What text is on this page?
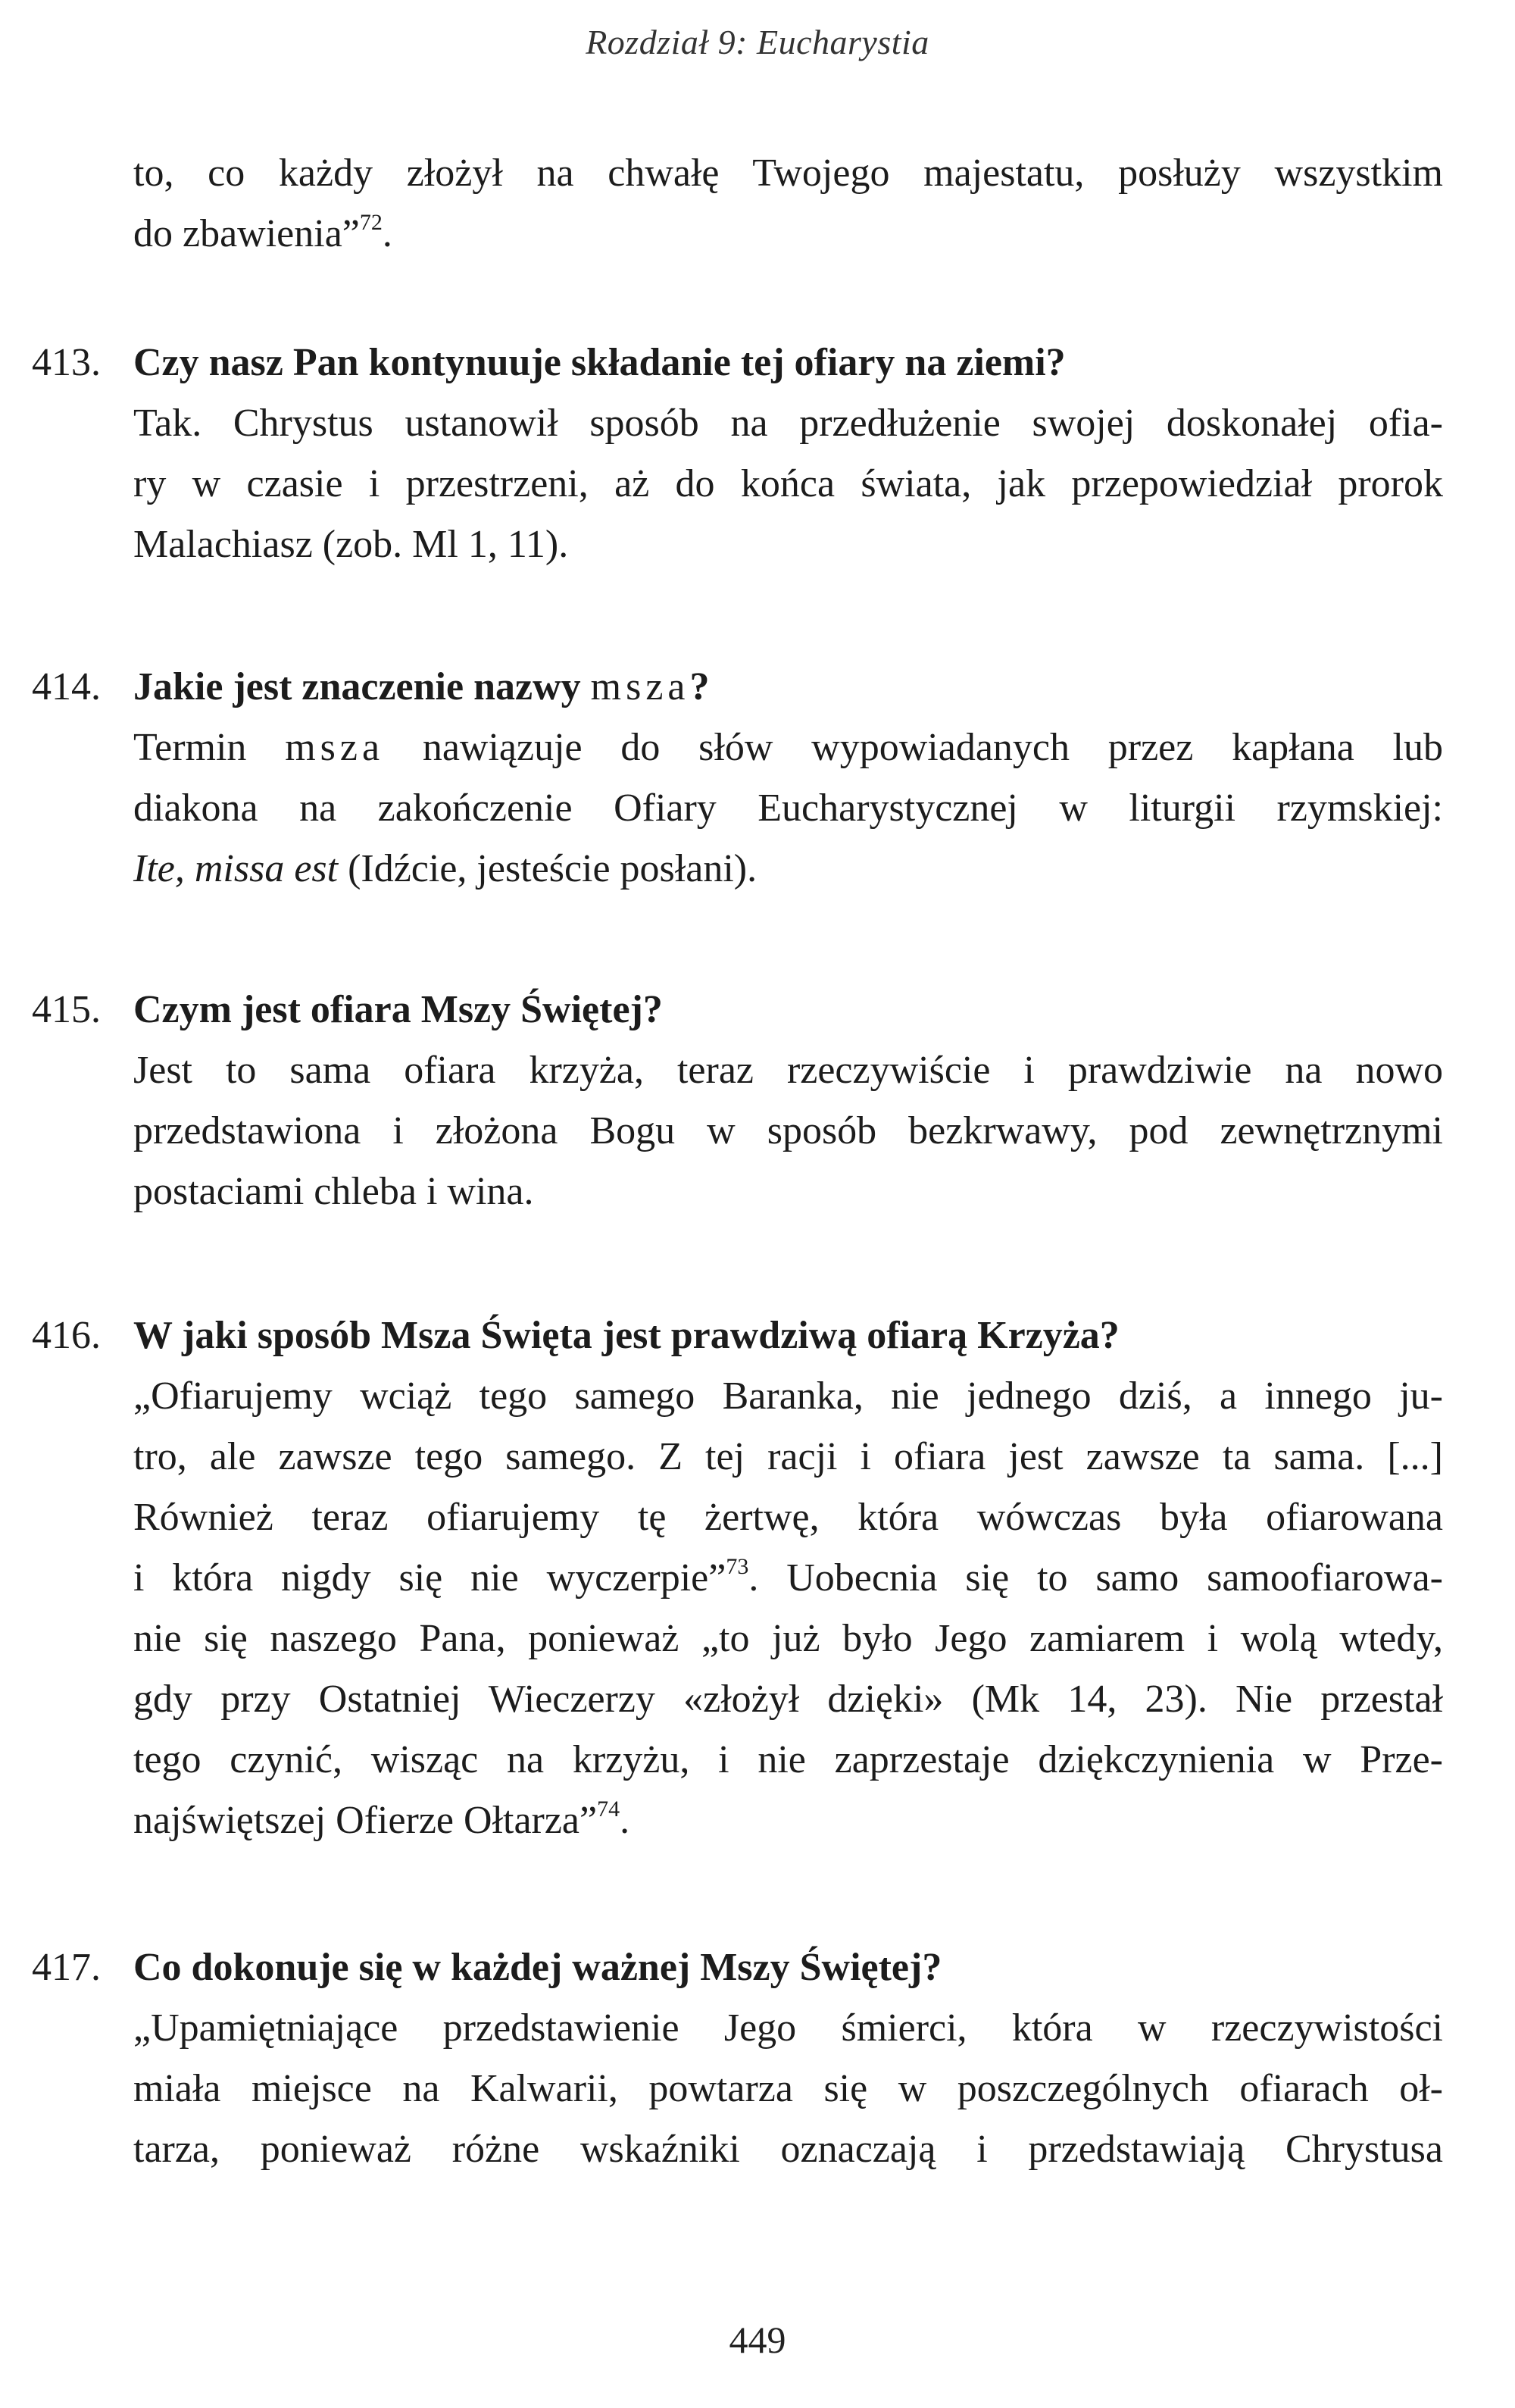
Rozdział 9: Eucharystia
to, co każdy złożył na chwałę Twojego majestatu, posłuży wszystkim
do zbawienia”$^{72}$.
413. Czy nasz Pan kontynuuje składanie tej ofiary na ziemi?
Tak. Chrystus ustanowił sposób na przedłużenie swojej doskonałej ofia-
ry w czasie i przestrzeni, aż do końca świata, jak przepowiedział prorok
Malachiasz (zob. Ml 1, 11).
414. Jakie jest znaczenie nazwy msza?
Termin msza nawiązuje do słów wypowiadanych przez kapłana lub
diakona na zakończenie Ofiary Eucharystycznej w liturgii rzymskiej:
Ite, missa est (Idźcie, jesteście posłani).
415. Czym jest ofiara Mszy Świętej?
Jest to sama ofiara krzyża, teraz rzeczywiście i prawdziwie na nowo
przedstawiona i złożona Bogu w sposób bezkrwawy, pod zewnętrznymi
postaciami chleba i wina.
416. W jaki sposób Msza Święta jest prawdziwą ofiarą Krzyża?
„Ofiarujemy wciąż tego samego Baranka, nie jednego dziś, a innego ju-
tro, ale zawsze tego samego. Z tej racji i ofiara jest zawsze ta sama. [...]
Również teraz ofiarujemy tę żertwę, która wówczas była ofiarowana
i która nigdy się nie wyczerpie”$^{73}$. Uobecnia się to samo samoofiarowa-
nie się naszego Pana, ponieważ „to już było Jego zamiarem i wolą wtedy,
gdy przy Ostatniej Wieczerzy «złożył dzięki» (Mk 14, 23). Nie przestał
tego czynić, wisząc na krzyżu, i nie zaprzestaje dziękczynienia w Prze-
najświętszej Ofierze Ołtarza”$^{74}$.
417. Co dokonuje się w każdej ważnej Mszy Świętej?
„Upamiętniające przedstawienie Jego śmierci, która w rzeczywistości
miała miejsce na Kalwarii, powtarza się w poszczególnych ofiarach oł-
tarza, ponieważ różne wskaźniki oznaczają i przedstawiają Chrystusa
449
